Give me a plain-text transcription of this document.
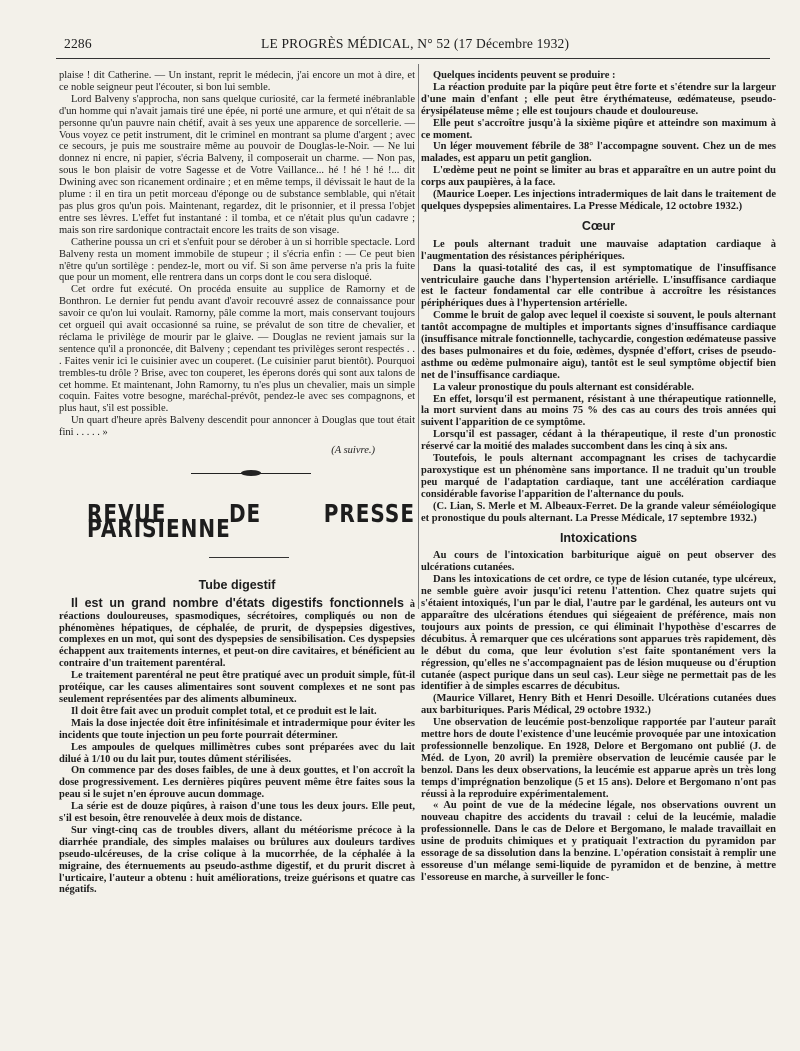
2286	LE PROGRÈS MÉDICAL, N° 52 (17 Décembre 1932)

plaise ! dit Catherine. — Un instant, reprit le médecin, j'ai encore un mot à dire, et ce noble seigneur peut l'écouter, si bon lui semble.

Lord Balveny s'approcha, non sans quelque curiosité, car la fermeté inébranlable d'un homme qui n'avait jamais tiré une épée, ni porté une armure, et qui n'était de sa personne qu'un pauvre nain chétif, avait à ses yeux une apparence de sorcellerie. — Vous voyez ce petit instrument, dit le criminel en montrant sa plume d'argent ; avec ce secours, je puis me soustraire même au pouvoir de Douglas-le-Noir. — Ne lui donnez ni encre, ni papier, s'écria Balveny, il composerait un charme. — Non pas, sous le bon plaisir de votre Sagesse et de Votre Vaillance... hé ! hé ! hé !... dit Dwining avec son ricanement ordinaire ; et en même temps, il dévissait le haut de la plume : il en tira un petit morceau d'éponge ou de substance semblable, qui n'était pas plus gros qu'un pois. Maintenant, regardez, dit le prisonnier, et il pressa l'objet entre ses lèvres. L'effet fut instantané : il tomba, et ce n'était plus qu'un cadavre ; mais son rire sardonique contractait encore les traits de son visage.

Catherine poussa un cri et s'enfuit pour se dérober à un si horrible spectacle. Lord Balveny resta un moment immobile de stupeur ; il s'écria enfin : — Ce peut bien n'être qu'un sortilège : pendez-le, mort ou vif. Si son âme perverse n'a pris la fuite que pour un moment, elle rentrera dans un corps dont le cou sera disloqué.

Cet ordre fut exécuté. On procéda ensuite au supplice de Ramorny et de Bonthron. Le dernier fut pendu avant d'avoir recouvré assez de connaissance pour savoir ce qu'on lui voulait. Ramorny, pâle comme la mort, mais conservant toujours cet orgueil qui avait occasionné sa ruine, se prévalut de son titre de chevalier, et réclama le privilège de mourir par le glaive. — Douglas ne revient jamais sur la sentence qu'il a prononcée, dit Balveny ; cependant tes privilèges seront respectés . . . Faites venir ici le cuisinier avec un couperet. (Le cuisinier parut bientôt). Pourquoi trembles-tu drôle ? Brise, avec ton couperet, les éperons dorés qui sont aux talons de cet homme. Et maintenant, John Ramorny, tu n'es plus un chevalier, mais un simple coquin. Faites votre besogne, maréchal-prévôt, pendez-le avec ses compagnons, et plus haut, s'il est possible.

Un quart d'heure après Balveny descendit pour annoncer à Douglas que tout était fini . . . . . »

(A suivre.)

REVUE DE PRESSE PARISIENNE
Tube digestif

Il est un grand nombre d'états digestifs fonctionnels à réactions douloureuses, spasmodiques, sécrétoires, compliqués ou non de phénomènes hépatiques, de céphalée, de prurit, de dyspepsies digestives, complexes en un mot, qui sont des dyspepsies de sensibilisation. Ces dyspepsies échappent aux traitements internes, et peut-on dire cavitaires, et bénéficient au contraire d'un traitement parentéral.

Le traitement parentéral ne peut être pratiqué avec un produit simple, fût-il protéique, car les causes alimentaires sont souvent complexes et ne sont pas seulement représentées par des aliments albumineux.

Il doit être fait avec un produit complet total, et ce produit est le lait.

Mais la dose injectée doit être infinitésimale et intradermique pour éviter les incidents que toute injection un peu forte pourrait déterminer.

Les ampoules de quelques millimètres cubes sont préparées avec du lait dilué à 1/10 ou du lait pur, toutes dûment stérilisées.

On commence par des doses faibles, de une à deux gouttes, et l'on accroît la dose progressivement. Les dernières piqûres peuvent même être faites sous la peau si le sujet n'en éprouve aucun dommage.

La série est de douze piqûres, à raison d'une tous les deux jours. Elle peut, s'il est besoin, être renouvelée à deux mois de distance.

Sur vingt-cinq cas de troubles divers, allant du météorisme précoce à la diarrhée prandiale, des simples malaises ou brûlures aux douleurs tardives pseudo-ulcéreuses, de la crise colique à la mucorrhée, de la céphalée à la migraine, des éternuements au pseudo-asthme digestif, et du prurit discret à l'urticaire, l'auteur a obtenu : huit améliorations, treize guérisons et quatre cas négatifs.

Quelques incidents peuvent se produire :

La réaction produite par la piqûre peut être forte et s'étendre sur la largeur d'une main d'enfant ; elle peut être érythémateuse, œdémateuse, pseudo-érysipélateuse même ; elle est toujours chaude et douloureuse.

Elle peut s'accroître jusqu'à la sixième piqûre et atteindre son maximum à ce moment.

Un léger mouvement fébrile de 38° l'accompagne souvent. Chez un de mes malades, est apparu un petit ganglion.

L'œdème peut ne point se limiter au bras et apparaître en un autre point du corps aux paupières, à la face.

(Maurice Loeper. Les injections intradermiques de lait dans le traitement de quelques dyspepsies alimentaires. La Presse Médicale, 12 octobre 1932.)

Cœur

Le pouls alternant traduit une mauvaise adaptation cardiaque à l'augmentation des résistances périphériques.

Dans la quasi-totalité des cas, il est symptomatique de l'insuffisance ventriculaire gauche dans l'hypertension artérielle. L'insuffisance cardiaque est le facteur fondamental car elle contribue à accroître les résistances périphériques dues à l'hypertension artérielle.

Comme le bruit de galop avec lequel il coexiste si souvent, le pouls alternant tantôt accompagne de multiples et importants signes d'insuffisance cardiaque (insuffisance mitrale fonctionnelle, tachycardie, congestion œdémateuse passive des bases pulmonaires et du foie, œdèmes, dyspnée d'effort, crises de pseudo-asthme ou œdème pulmonaire aigu), tantôt est le seul symptôme objectif bien net de l'insuffisance cardiaque.

La valeur pronostique du pouls alternant est considérable.

En effet, lorsqu'il est permanent, résistant à une thérapeutique rationnelle, la mort survient dans au moins 75 % des cas au cours des trois années qui suivent l'apparition de ce symptôme.

Lorsqu'il est passager, cédant à la thérapeutique, il reste d'un pronostic réservé car la moitié des malades succombent dans les cinq à six ans.

Toutefois, le pouls alternant accompagnant les crises de tachycardie paroxystique est un phénomène sans importance. Il ne traduit qu'un trouble peu marqué de l'adaptation cardiaque, tant une accélération cardiaque considérable favorise l'apparition de l'alternance du pouls.

(C. Lian, S. Merle et M. Albeaux-Ferret. De la grande valeur séméiologique et pronostique du pouls alternant. La Presse Médicale, 17 septembre 1932.)

Intoxications

Au cours de l'intoxication barbiturique aiguë on peut observer des ulcérations cutanées.

Dans les intoxications de cet ordre, ce type de lésion cutanée, type ulcéreux, ne semble guère avoir jusqu'ici retenu l'attention. Chez quatre sujets qui s'étaient intoxiqués, l'un par le dial, l'autre par le gardénal, les auteurs ont vu apparaître des ulcérations étendues qui siégeaient de préférence, mais non toujours aux points de pression, ce qui éliminait l'hypothèse d'escarres de décubitus. À remarquer que ces ulcérations sont apparues très rapidement, dès le début du coma, que leur évolution s'est faite spontanément vers la régression, qu'elles ne s'accompagnaient pas de lésion muqueuse ou d'éruption cutanée (aspect purique dans un seul cas). Leur siège ne permettait pas de les identifier à de simples escarres de décubitus.

(Maurice Villaret, Henry Bith et Henri Desoille. Ulcérations cutanées dues aux barbituriques. Paris Médical, 29 octobre 1932.)

Une observation de leucémie post-benzolique rapportée par l'auteur paraît mettre hors de doute l'existence d'une leucémie provoquée par une intoxication professionnelle benzolique. En 1928, Delore et Bergomano ont publié (J. de Méd. de Lyon, 20 avril) la première observation de leucémie causée par le benzol. Dans les deux observations, la leucémie est apparue après un très long temps d'imprégnation benzolique (5 et 15 ans). Delore et Bergomano n'ont pas réussi à la reproduire expérimentalement.

« Au point de vue de la médecine légale, nos observations ouvrent un nouveau chapitre des accidents du travail : celui de la leucémie, maladie professionnelle. Dans le cas de Delore et Bergomano, le malade travaillait en usine de produits chimiques et y pratiquait l'extraction du pyramidon par essorage de sa dissolution dans la benzine. L'opération consistait à remplir une essoreuse d'un mélange semi-liquide de pyramidon et de benzine, à mettre l'essoreuse en marche, à surveiller le fonc-
